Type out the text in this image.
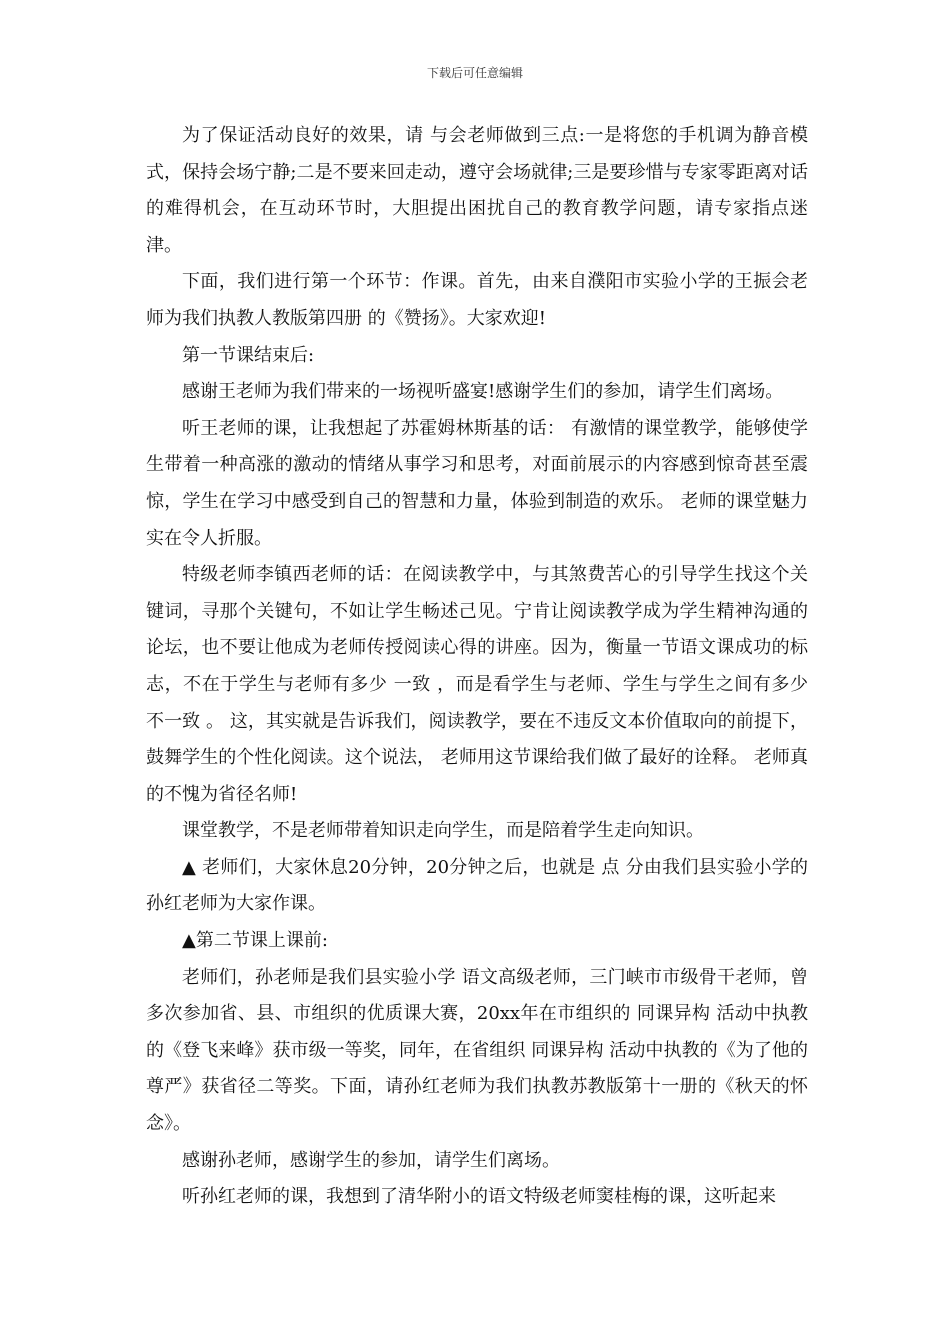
下载后可任意编辑

为了保证活动良好的效果，请 与会老师做到三点:一是将您的手机调为静音模式，保持会场宁静;二是不要来回走动，遵守会场就律;三是要珍惜与专家零距离对话的难得机会，在互动环节时，大胆提出困扰自己的教育教学问题，请专家指点迷津。

下面，我们进行第一个环节：作课。首先，由来自濮阳市实验小学的王振会老师为我们执教人教版第四册 的《赞扬》。大家欢迎!

第一节课结束后:

感谢王老师为我们带来的一场视听盛宴!感谢学生们的参加，请学生们离场。

听王老师的课，让我想起了苏霍姆林斯基的话： 有激情的课堂教学，能够使学生带着一种高涨的激动的情绪从事学习和思考，对面前展示的内容感到惊奇甚至震惊，学生在学习中感受到自己的智慧和力量，体验到制造的欢乐。 老师的课堂魅力实在令人折服。

特级老师李镇西老师的话：在阅读教学中，与其煞费苦心的引导学生找这个关键词，寻那个关键句，不如让学生畅述己见。宁肯让阅读教学成为学生精神沟通的论坛，也不要让他成为老师传授阅读心得的讲座。因为，衡量一节语文课成功的标志，不在于学生与老师有多少 一致 ，而是看学生与老师、学生与学生之间有多少 不一致 。 这，其实就是告诉我们，阅读教学，要在不违反文本价值取向的前提下，鼓舞学生的个性化阅读。这个说法， 老师用这节课给我们做了最好的诠释。 老师真的不愧为省径名师!

课堂教学，不是老师带着知识走向学生，而是陪着学生走向知识。

▲ 老师们，大家休息20分钟，20分钟之后，也就是 点 分由我们县实验小学的孙红老师为大家作课。

▲第二节课上课前:

老师们，孙老师是我们县实验小学 语文高级老师，三门峡市市级骨干老师，曾多次参加省、县、市组织的优质课大赛，20xx年在市组织的 同课异构 活动中执教的《登飞来峰》获市级一等奖，同年，在省组织 同课异构 活动中执教的《为了他的尊严》获省径二等奖。下面，请孙红老师为我们执教苏教版第十一册的《秋天的怀念》。

感谢孙老师，感谢学生的参加，请学生们离场。

听孙红老师的课，我想到了清华附小的语文特级老师窦桂梅的课，这听起来
